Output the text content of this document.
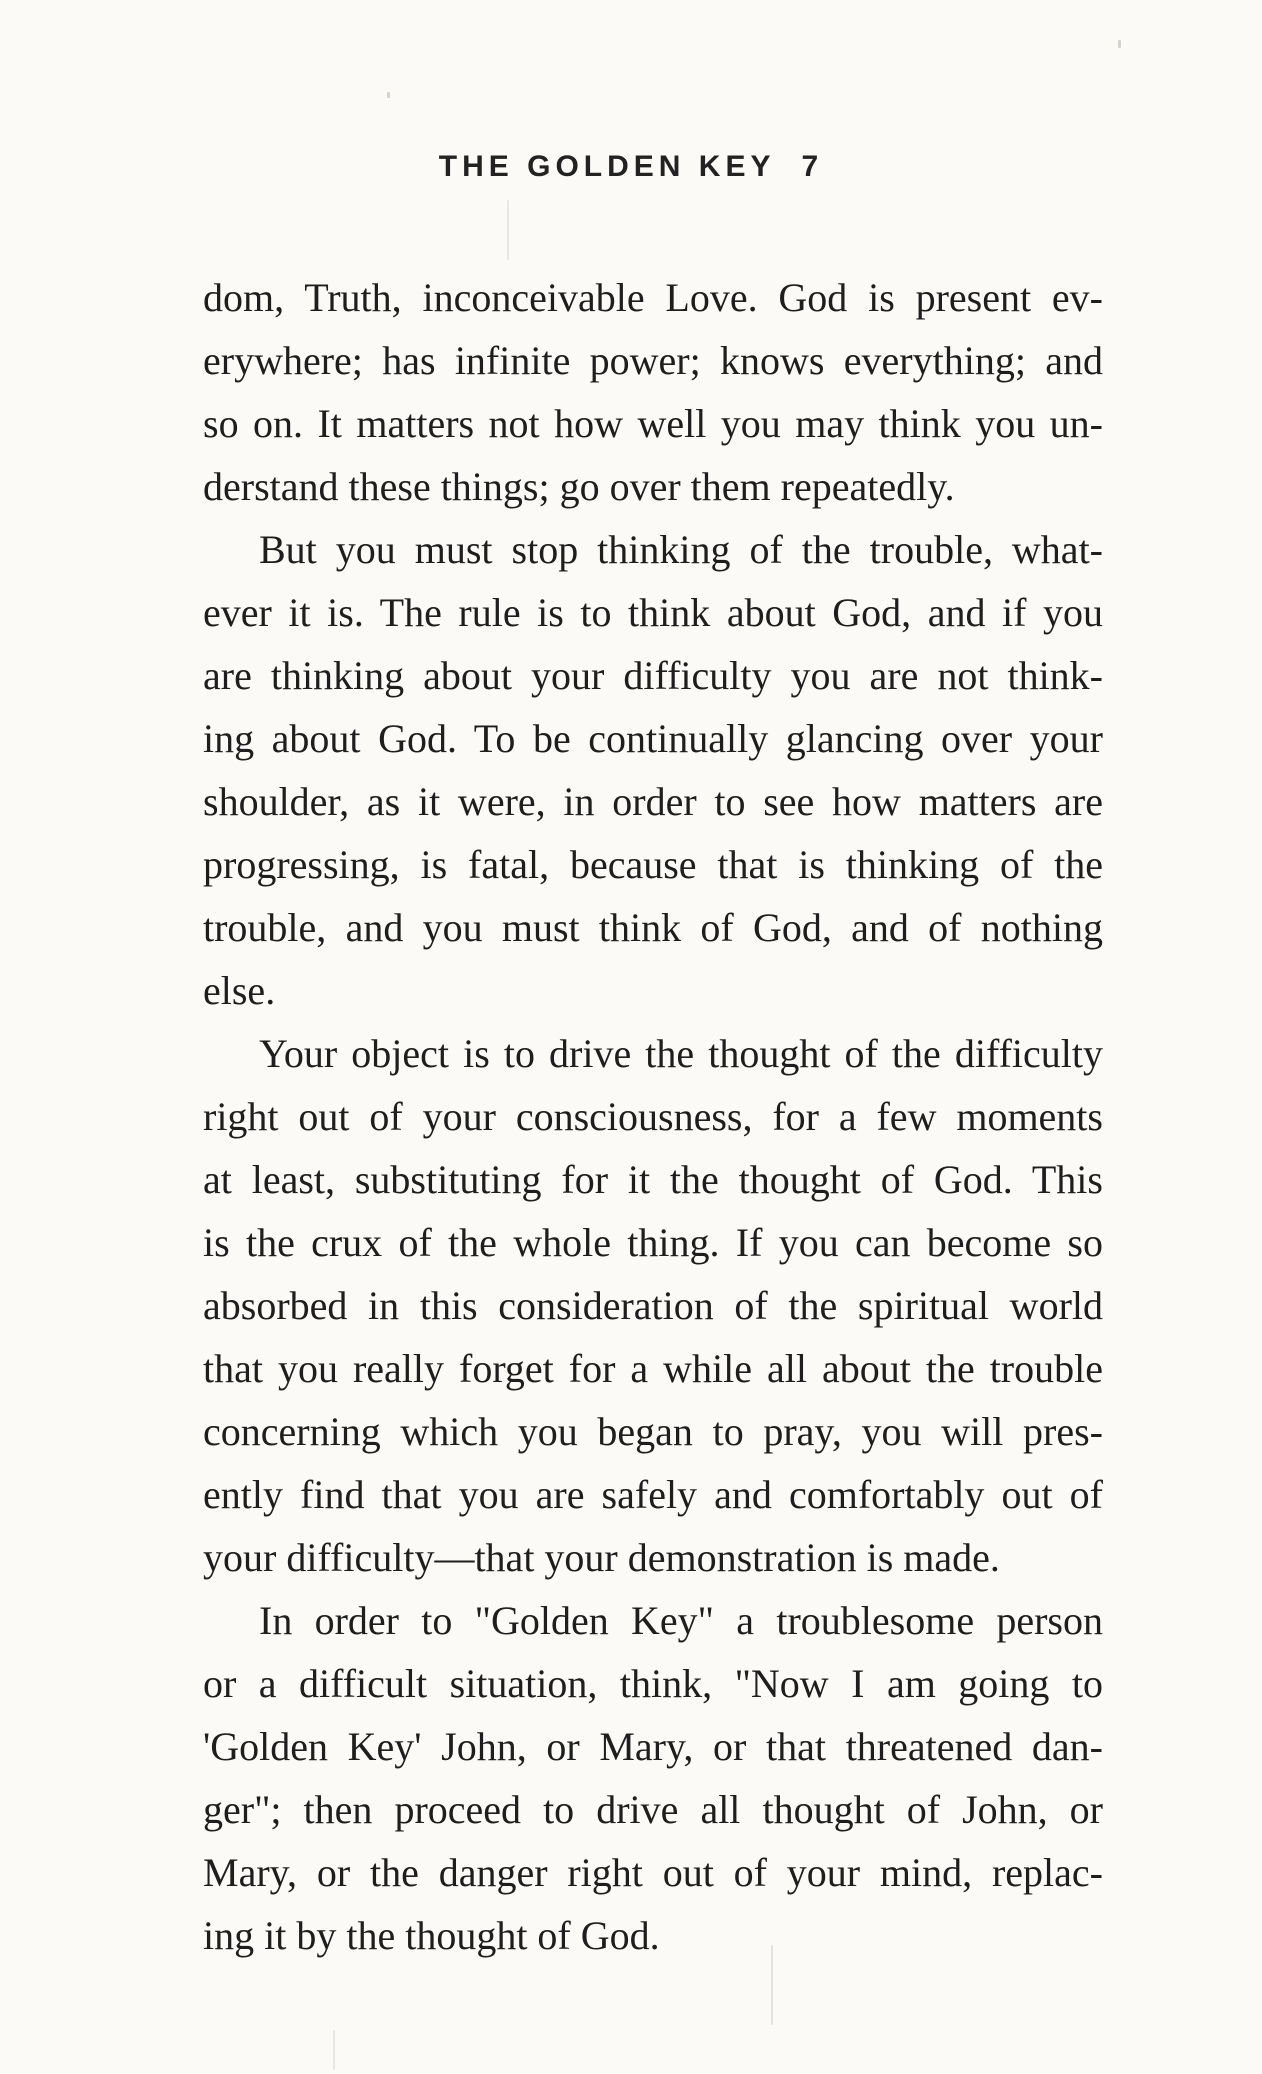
THE GOLDEN KEY 7
dom, Truth, inconceivable Love. God is present ev-
erywhere; has infinite power; knows everything; and
so on. It matters not how well you may think you un-
derstand these things; go over them repeatedly.
But you must stop thinking of the trouble, what-
ever it is. The rule is to think about God, and if you
are thinking about your difficulty you are not think-
ing about God. To be continually glancing over your
shoulder, as it were, in order to see how matters are
progressing, is fatal, because that is thinking of the
trouble, and you must think of God, and of nothing
else.
Your object is to drive the thought of the difficulty
right out of your consciousness, for a few moments
at least, substituting for it the thought of God. This
is the crux of the whole thing. If you can become so
absorbed in this consideration of the spiritual world
that you really forget for a while all about the trouble
concerning which you began to pray, you will pres-
ently find that you are safely and comfortably out of
your difficulty—that your demonstration is made.
In order to "Golden Key" a troublesome person
or a difficult situation, think, "Now I am going to
'Golden Key' John, or Mary, or that threatened dan-
ger"; then proceed to drive all thought of John, or
Mary, or the danger right out of your mind, replac-
ing it by the thought of God.
